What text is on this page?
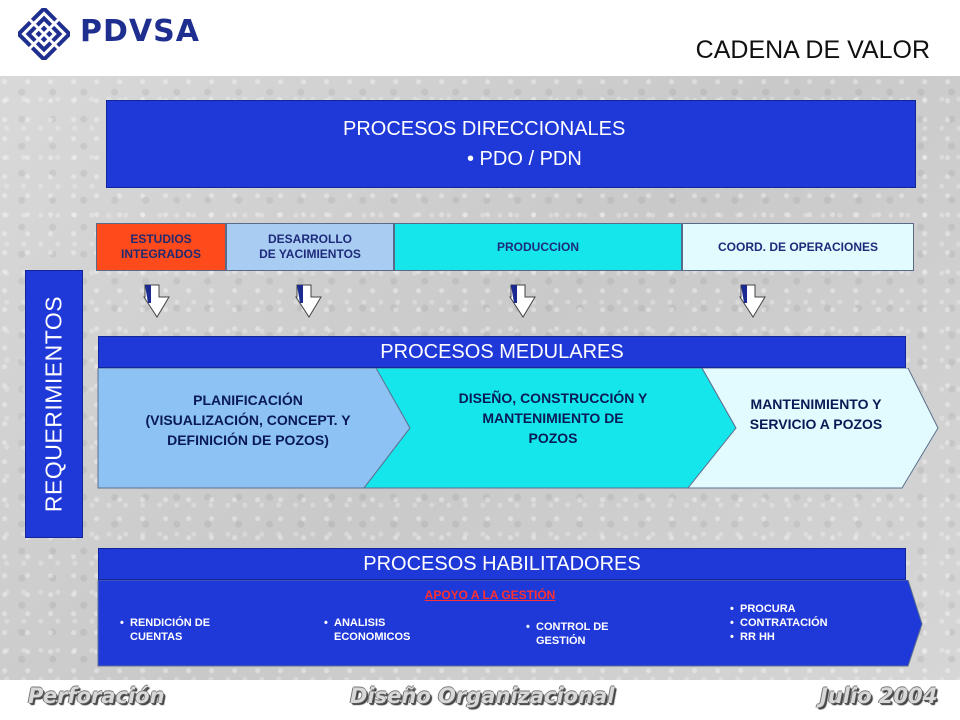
PDVSA
CADENA DE VALOR
PROCESOS DIRECCIONALES
• PDO / PDN
ESTUDIOS
INTEGRADOS
DESARROLLO
DE YACIMIENTOS
PRODUCCION	COORD. DE OPERACIONES
REQUERIMIENTOS	PROCESOS MEDULARES
PLANIFICACIÓN
(VISUALIZACIÓN, CONCEPT. Y
DEFINICIÓN DE POZOS)
DISEÑO, CONSTRUCCIÓN Y
MANTENIMIENTO DE
POZOS
MANTENIMIENTO Y
SERVICIO A POZOS
PROCESOS HABILITADORES
APOYO A LA GESTIÓN
• RENDICIÓN DE CUENTAS
• ANALISIS ECONOMICOS
• CONTROL DE GESTIÓN
• PROCURA
• CONTRATACIÓN
• RR HH
Perforación	Diseño Organizacional	Julio 2004
